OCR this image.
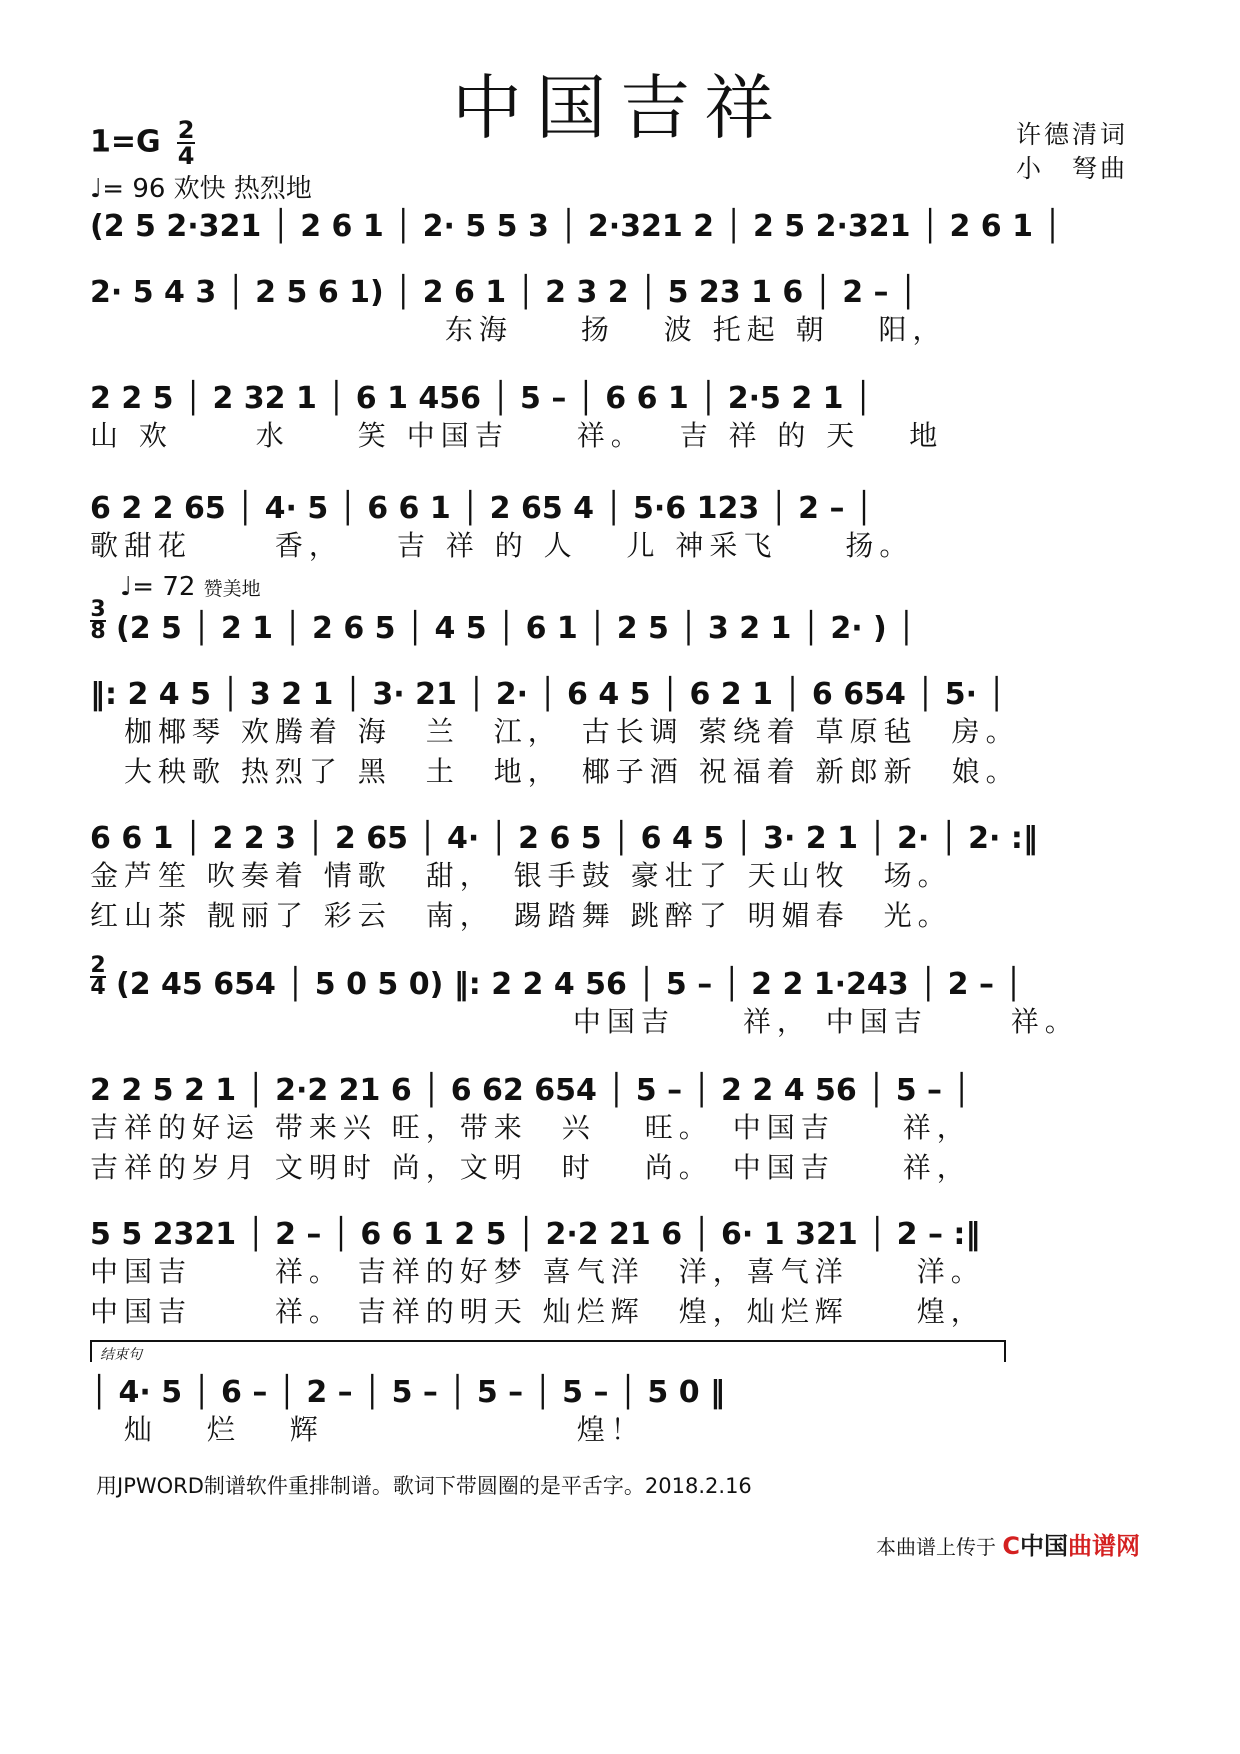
中国吉祥
$1=G \frac{2}{4}$
♩= 96 欢快 热烈地
许德清词
小　弩曲
(2 5 2·321 │ 2 6 1 │ 2· 5 5 3 │ 2·321 2 │ 2 5 2·321 │ 2 6 1 │
2· 5 4 3 │ 2 5 6 1) │ 2 6 1 │ 2 3 2 │ 5 23 1 6 │ 2 – │
　　　　　　　　　　 东海　　扬　 波 托起 朝　 阳，
2 2 5 │ 2 32 1 │ 6 1 456 │ 5 – │ 6 6 1 │ 2·5 2 1 │
山 欢　　 水　　笑 中国吉　　祥。　 吉 祥 的 天　 地
6 2 2 65 │ 4· 5 │ 6 6 1 │ 2 65 4 │ 5·6 123 │ 2 – │
歌甜花　　 香，　　吉 祥 的 人　 儿 神采飞　　扬。
♩= 72 赞美地
3
8 (2 5 │ 2 1 │ 2 6 5 │ 4 5 │ 6 1 │ 2 5 │ 3 2 1 │ 2· ) │
‖: 2 4 5 │ 3 2 1 │ 3· 21 │ 2· │ 6 4 5 │ 6 2 1 │ 6 654 │ 5· │
　枷椰琴 欢腾着 海　兰　江，　古长调 萦绕着 草原毡　房。
　大秧歌 热烈了 黑　土　地，　椰子酒 祝福着 新郎新　娘。
6 6 1 │ 2 2 3 │ 2 65 │ 4· │ 2 6 5 │ 6 4 5 │ 3· 2 1 │ 2· │ 2· :‖
金芦笙 吹奏着 情歌　甜，　银手鼓 豪壮了 天山牧　场。
红山茶 靓丽了 彩云　南，　踢踏舞 跳醉了 明媚春　光。
2
4 (2 45 654 │ 5 0 5 0) ‖: 2 2 4 56 │ 5 – │ 2 2 1·243 │ 2 – │
　　　　　　　　　　　　　 中国吉　　祥， 中国吉　　 祥。
2 2 5 2 1 │ 2·2 21 6 │ 6 62 654 │ 5 – │ 2 2 4 56 │ 5 – │
吉祥的好运 带来兴 旺，带来　兴　 旺。　中国吉　　祥，
吉祥的岁月 文明时 尚，文明　时　 尚。　中国吉　　祥，
5 5 2321 │ 2 – │ 6 6 1 2 5 │ 2·2 21 6 │ 6· 1 321 │ 2 – :‖
中国吉　　 祥。 吉祥的好梦 喜气洋　洋，喜气洋　　洋。
中国吉　　 祥。 吉祥的明天 灿烂辉　煌，灿烂辉　　煌，
结束句
│ 4· 5 │ 6 – │ 2 – │ 5 – │ 5 – │ 5 – │ 5 0 ‖
　灿　 烂　 辉　　　　　　　 煌！
用JPWORD制谱软件重排制谱。歌词下带圆圈的是平舌字。2018.2.16
本曲谱上传于 C中国曲谱网
